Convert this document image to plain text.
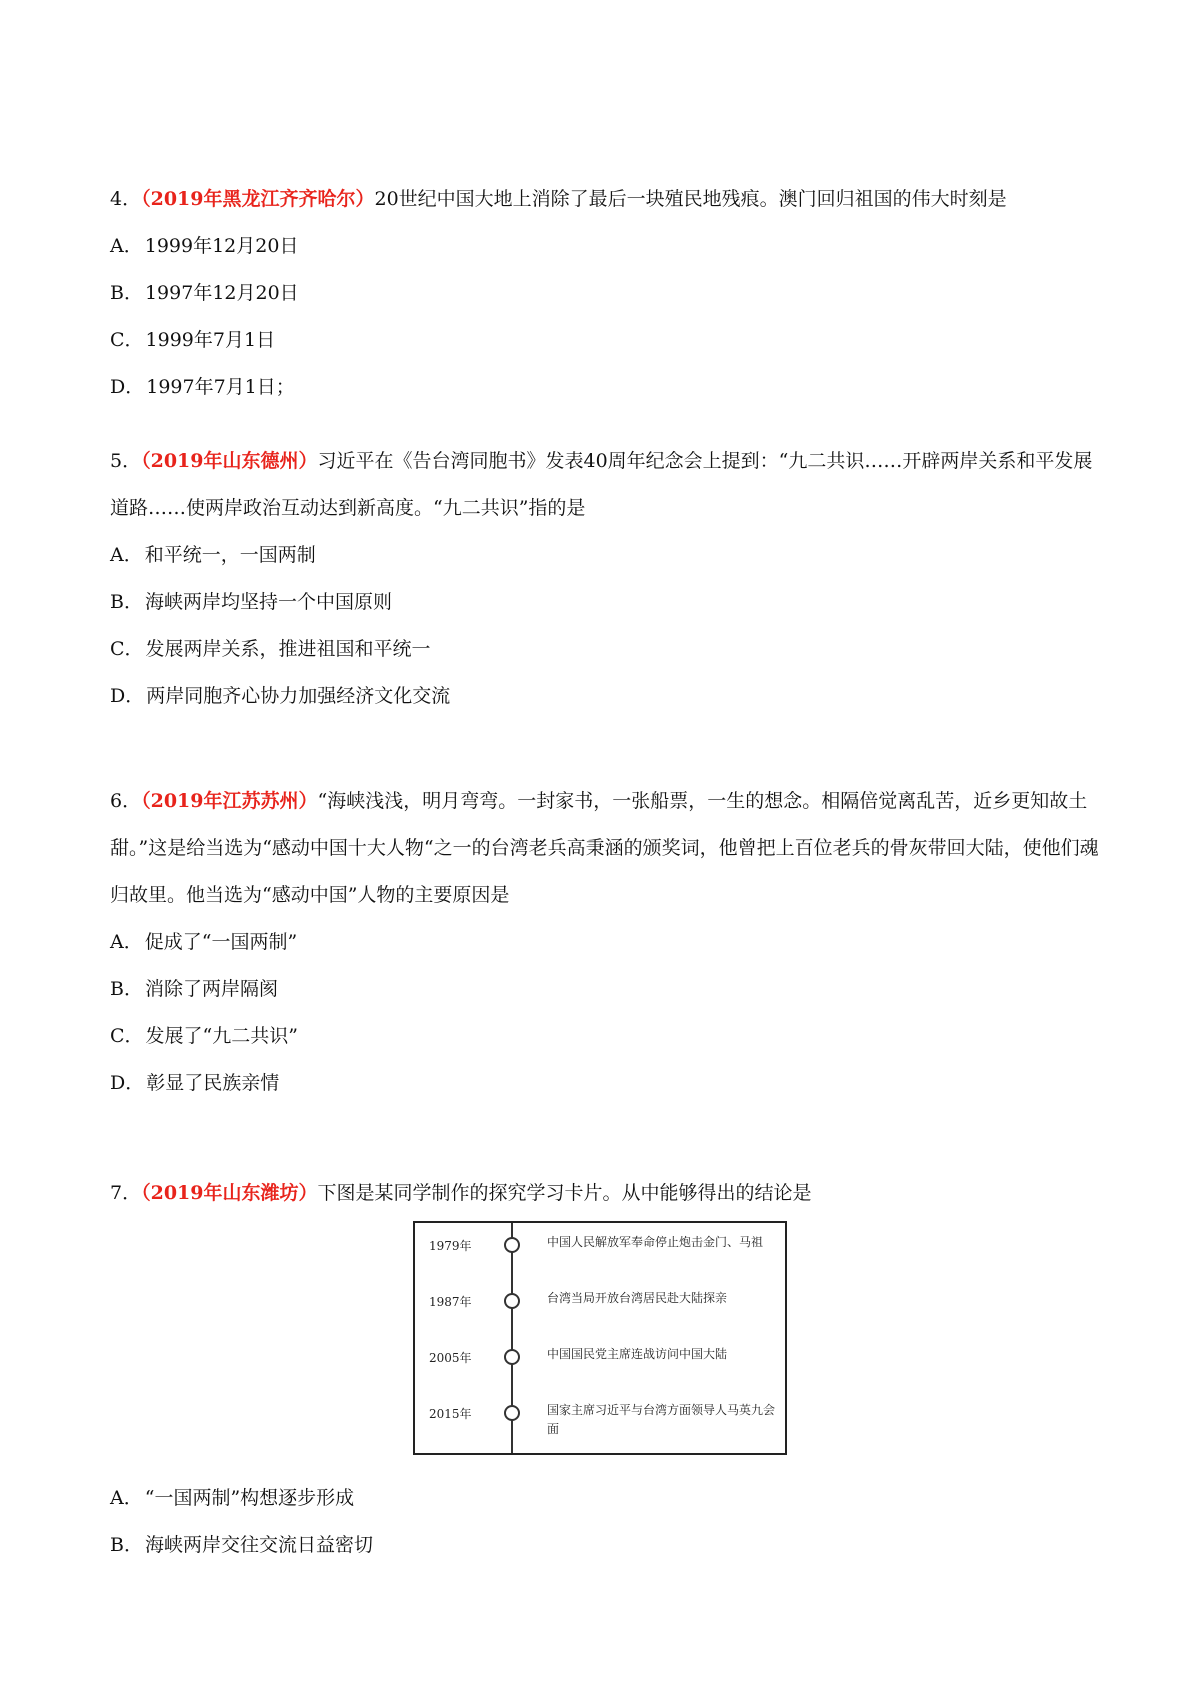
4．（2019年黑龙江齐齐哈尔）20世纪中国大地上消除了最后一块殖民地残痕。澳门回归祖国的伟大时刻是

A． 1999年12月20日

B． 1997年12月20日

C． 1999年7月1日

D． 1997年7月1日；

5．（2019年山东德州）习近平在《告台湾同胞书》发表40周年纪念会上提到：“九二共识……开辟两岸关系和平发展道路……使两岸政治互动达到新高度。“九二共识”指的是

A． 和平统一，一国两制

B． 海峡两岸均坚持一个中国原则

C． 发展两岸关系，推进祖国和平统一

D． 两岸同胞齐心协力加强经济文化交流

6．（2019年江苏苏州）“海峡浅浅，明月弯弯。一封家书，一张船票，一生的想念。相隔倍觉离乱苦，近乡更知故土甜。”这是给当选为“感动中国十大人物“之一的台湾老兵高秉涵的颁奖词，他曾把上百位老兵的骨灰带回大陆，使他们魂归故里。他当选为“感动中国”人物的主要原因是

A． 促成了“一国两制”

B． 消除了两岸隔阂

C． 发展了“九二共识”

D． 彰显了民族亲情

7．（2019年山东潍坊）下图是某同学制作的探究学习卡片。从中能够得出的结论是

1979年	中国人民解放军奉命停止炮击金门、马祖
1987年	台湾当局开放台湾居民赴大陆探亲
2005年	中国国民党主席连战访问中国大陆
2015年	国家主席习近平与台湾方面领导人马英九会面

A． “一国两制”构想逐步形成

B． 海峡两岸交往交流日益密切
